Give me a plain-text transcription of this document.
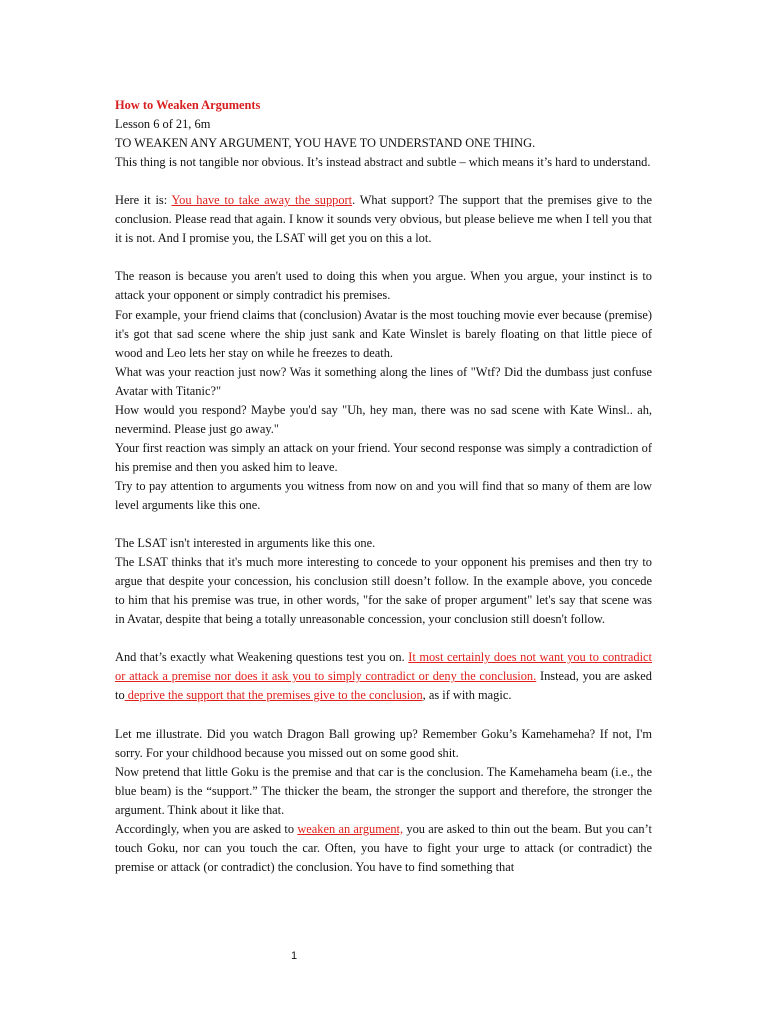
How to Weaken Arguments

Lesson 6 of 21, 6m

TO WEAKEN ANY ARGUMENT, YOU HAVE TO UNDERSTAND ONE THING.

This thing is not tangible nor obvious. It’s instead abstract and subtle – which means it’s hard to understand.

Here it is: You have to take away the support. What support? The support that the premises give to the conclusion. Please read that again. I know it sounds very obvious, but please believe me when I tell you that it is not. And I promise you, the LSAT will get you on this a lot.

The reason is because you aren't used to doing this when you argue. When you argue, your instinct is to attack your opponent or simply contradict his premises.

For example, your friend claims that (conclusion) Avatar is the most touching movie ever because (premise) it's got that sad scene where the ship just sank and Kate Winslet is barely floating on that little piece of wood and Leo lets her stay on while he freezes to death.

What was your reaction just now? Was it something along the lines of "Wtf? Did the dumbass just confuse Avatar with Titanic?"

How would you respond? Maybe you'd say "Uh, hey man, there was no sad scene with Kate Winsl.. ah, nevermind. Please just go away."

Your first reaction was simply an attack on your friend. Your second response was simply a contradiction of his premise and then you asked him to leave.

Try to pay attention to arguments you witness from now on and you will find that so many of them are low level arguments like this one.

The LSAT isn't interested in arguments like this one.

The LSAT thinks that it's much more interesting to concede to your opponent his premises and then try to argue that despite your concession, his conclusion still doesn’t follow. In the example above, you concede to him that his premise was true, in other words, "for the sake of proper argument" let's say that scene was in Avatar, despite that being a totally unreasonable concession, your conclusion still doesn't follow.

And that’s exactly what Weakening questions test you on. It most certainly does not want you to contradict or attack a premise nor does it ask you to simply contradict or deny the conclusion. Instead, you are asked to deprive the support that the premises give to the conclusion, as if with magic.

Let me illustrate. Did you watch Dragon Ball growing up? Remember Goku’s Kamehameha? If not, I'm sorry. For your childhood because you missed out on some good shit.

Now pretend that little Goku is the premise and that car is the conclusion. The Kamehameha beam (i.e., the blue beam) is the “support.” The thicker the beam, the stronger the support and therefore, the stronger the argument. Think about it like that.

Accordingly, when you are asked to weaken an argument, you are asked to thin out the beam. But you can’t touch Goku, nor can you touch the car. Often, you have to fight your urge to attack (or contradict) the premise or attack (or contradict) the conclusion. You have to find something that

1
